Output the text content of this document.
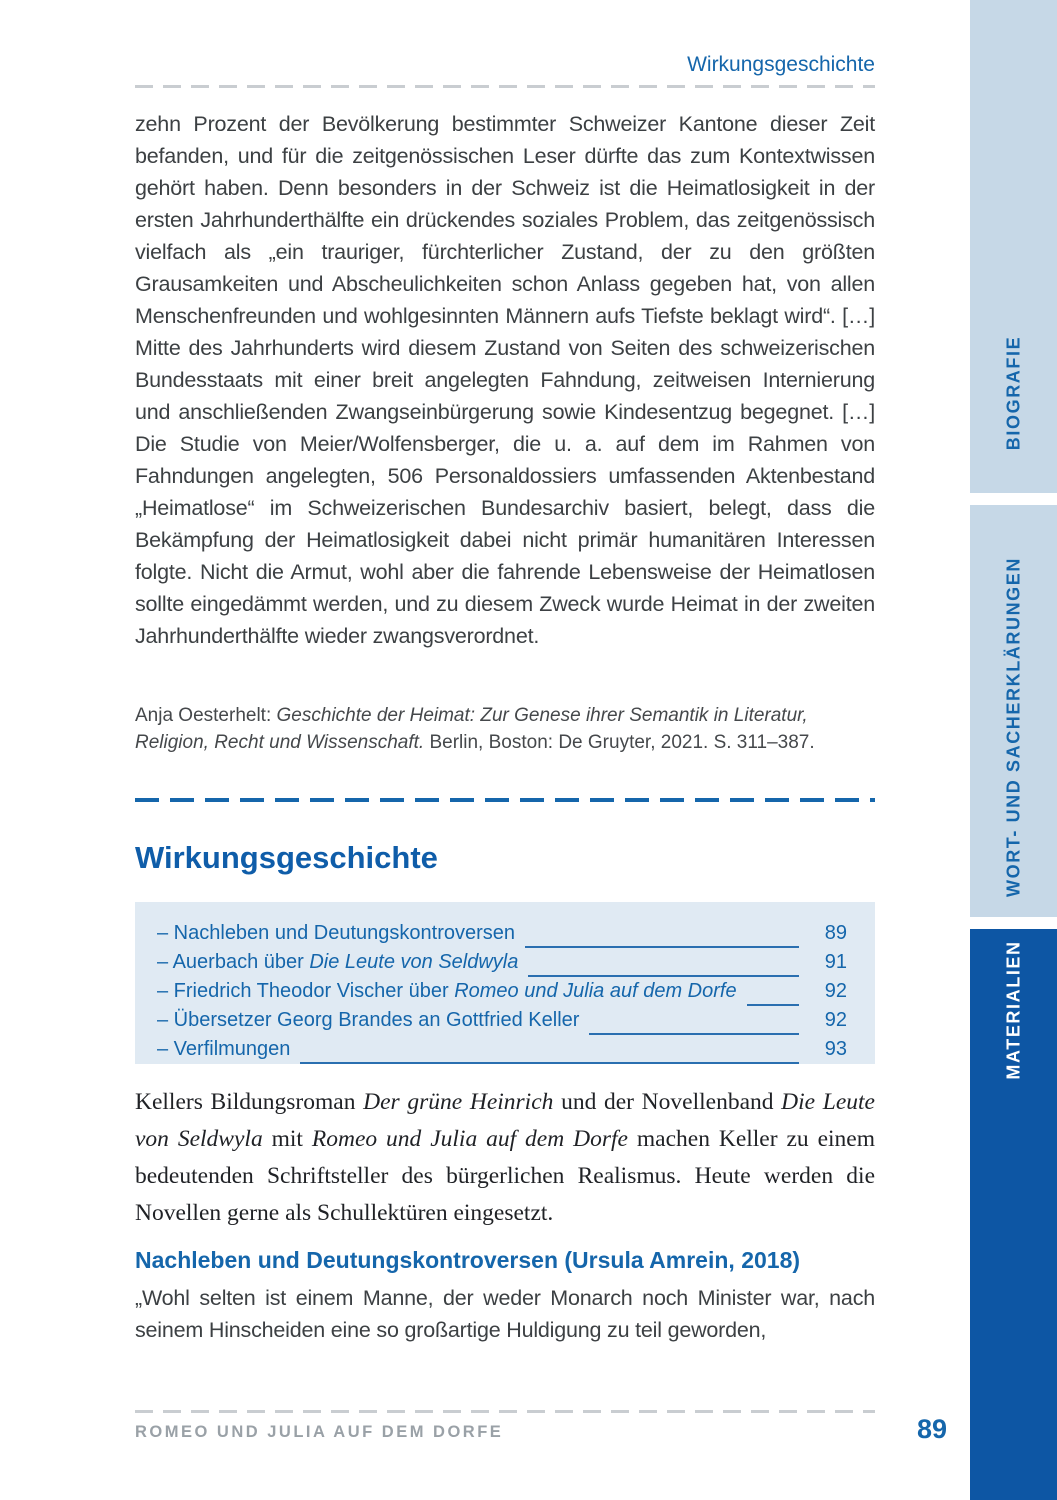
Wirkungsgeschichte

zehn Prozent der Bevölkerung bestimmter Schweizer Kantone dieser Zeit befanden, und für die zeitgenössischen Leser dürfte das zum Kontextwissen gehört haben. Denn besonders in der Schweiz ist die Heimatlosigkeit in der ersten Jahrhunderthälfte ein drückendes soziales Problem, das zeitgenössisch vielfach als „ein trauriger, fürchterlicher Zustand, der zu den größten Grausamkeiten und Abscheulichkeiten schon Anlass gegeben hat, von allen Menschenfreunden und wohlgesinnten Männern aufs Tiefste beklagt wird“. […] Mitte des Jahrhunderts wird diesem Zustand von Seiten des schweizerischen Bundesstaats mit einer breit angelegten Fahndung, zeitweisen Internierung und anschließenden Zwangseinbürgerung sowie Kindesentzug begegnet. […] Die Studie von Meier/Wolfensberger, die u. a. auf dem im Rahmen von Fahndungen angelegten, 506 Personaldossiers umfassenden Aktenbestand „Heimatlose“ im Schweizerischen Bundesarchiv basiert, belegt, dass die Bekämpfung der Heimatlosigkeit dabei nicht primär humanitären Interessen folgte. Nicht die Armut, wohl aber die fahrende Lebensweise der Heimatlosen sollte eingedämmt werden, und zu diesem Zweck wurde Heimat in der zweiten Jahrhunderthälfte wieder zwangsverordnet.

Anja Oesterhelt: Geschichte der Heimat: Zur Genese ihrer Semantik in Literatur, Religion, Recht und Wissenschaft. Berlin, Boston: De Gruyter, 2021. S. 311–387.

Wirkungsgeschichte
– Nachleben und Deutungskontroversen	89
– Auerbach über Die Leute von Seldwyla	91
– Friedrich Theodor Vischer über Romeo und Julia auf dem Dorfe	92
– Übersetzer Georg Brandes an Gottfried Keller	92
– Verfilmungen	93

Kellers Bildungsroman Der grüne Heinrich und der Novellenband Die Leute von Seldwyla mit Romeo und Julia auf dem Dorfe machen Keller zu einem bedeutenden Schriftsteller des bürgerlichen Realismus. Heute werden die Novellen gerne als Schullektüren eingesetzt.

Nachleben und Deutungskontroversen (Ursula Amrein, 2018)

„Wohl selten ist einem Manne, der weder Monarch noch Minister war, nach seinem Hinscheiden eine so großartige Huldigung zu teil geworden,

ROMEO UND JULIA AUF DEM DORFE	89
BIOGRAFIE
WORT- UND SACHERKLÄRUNGEN
MATERIALIEN
